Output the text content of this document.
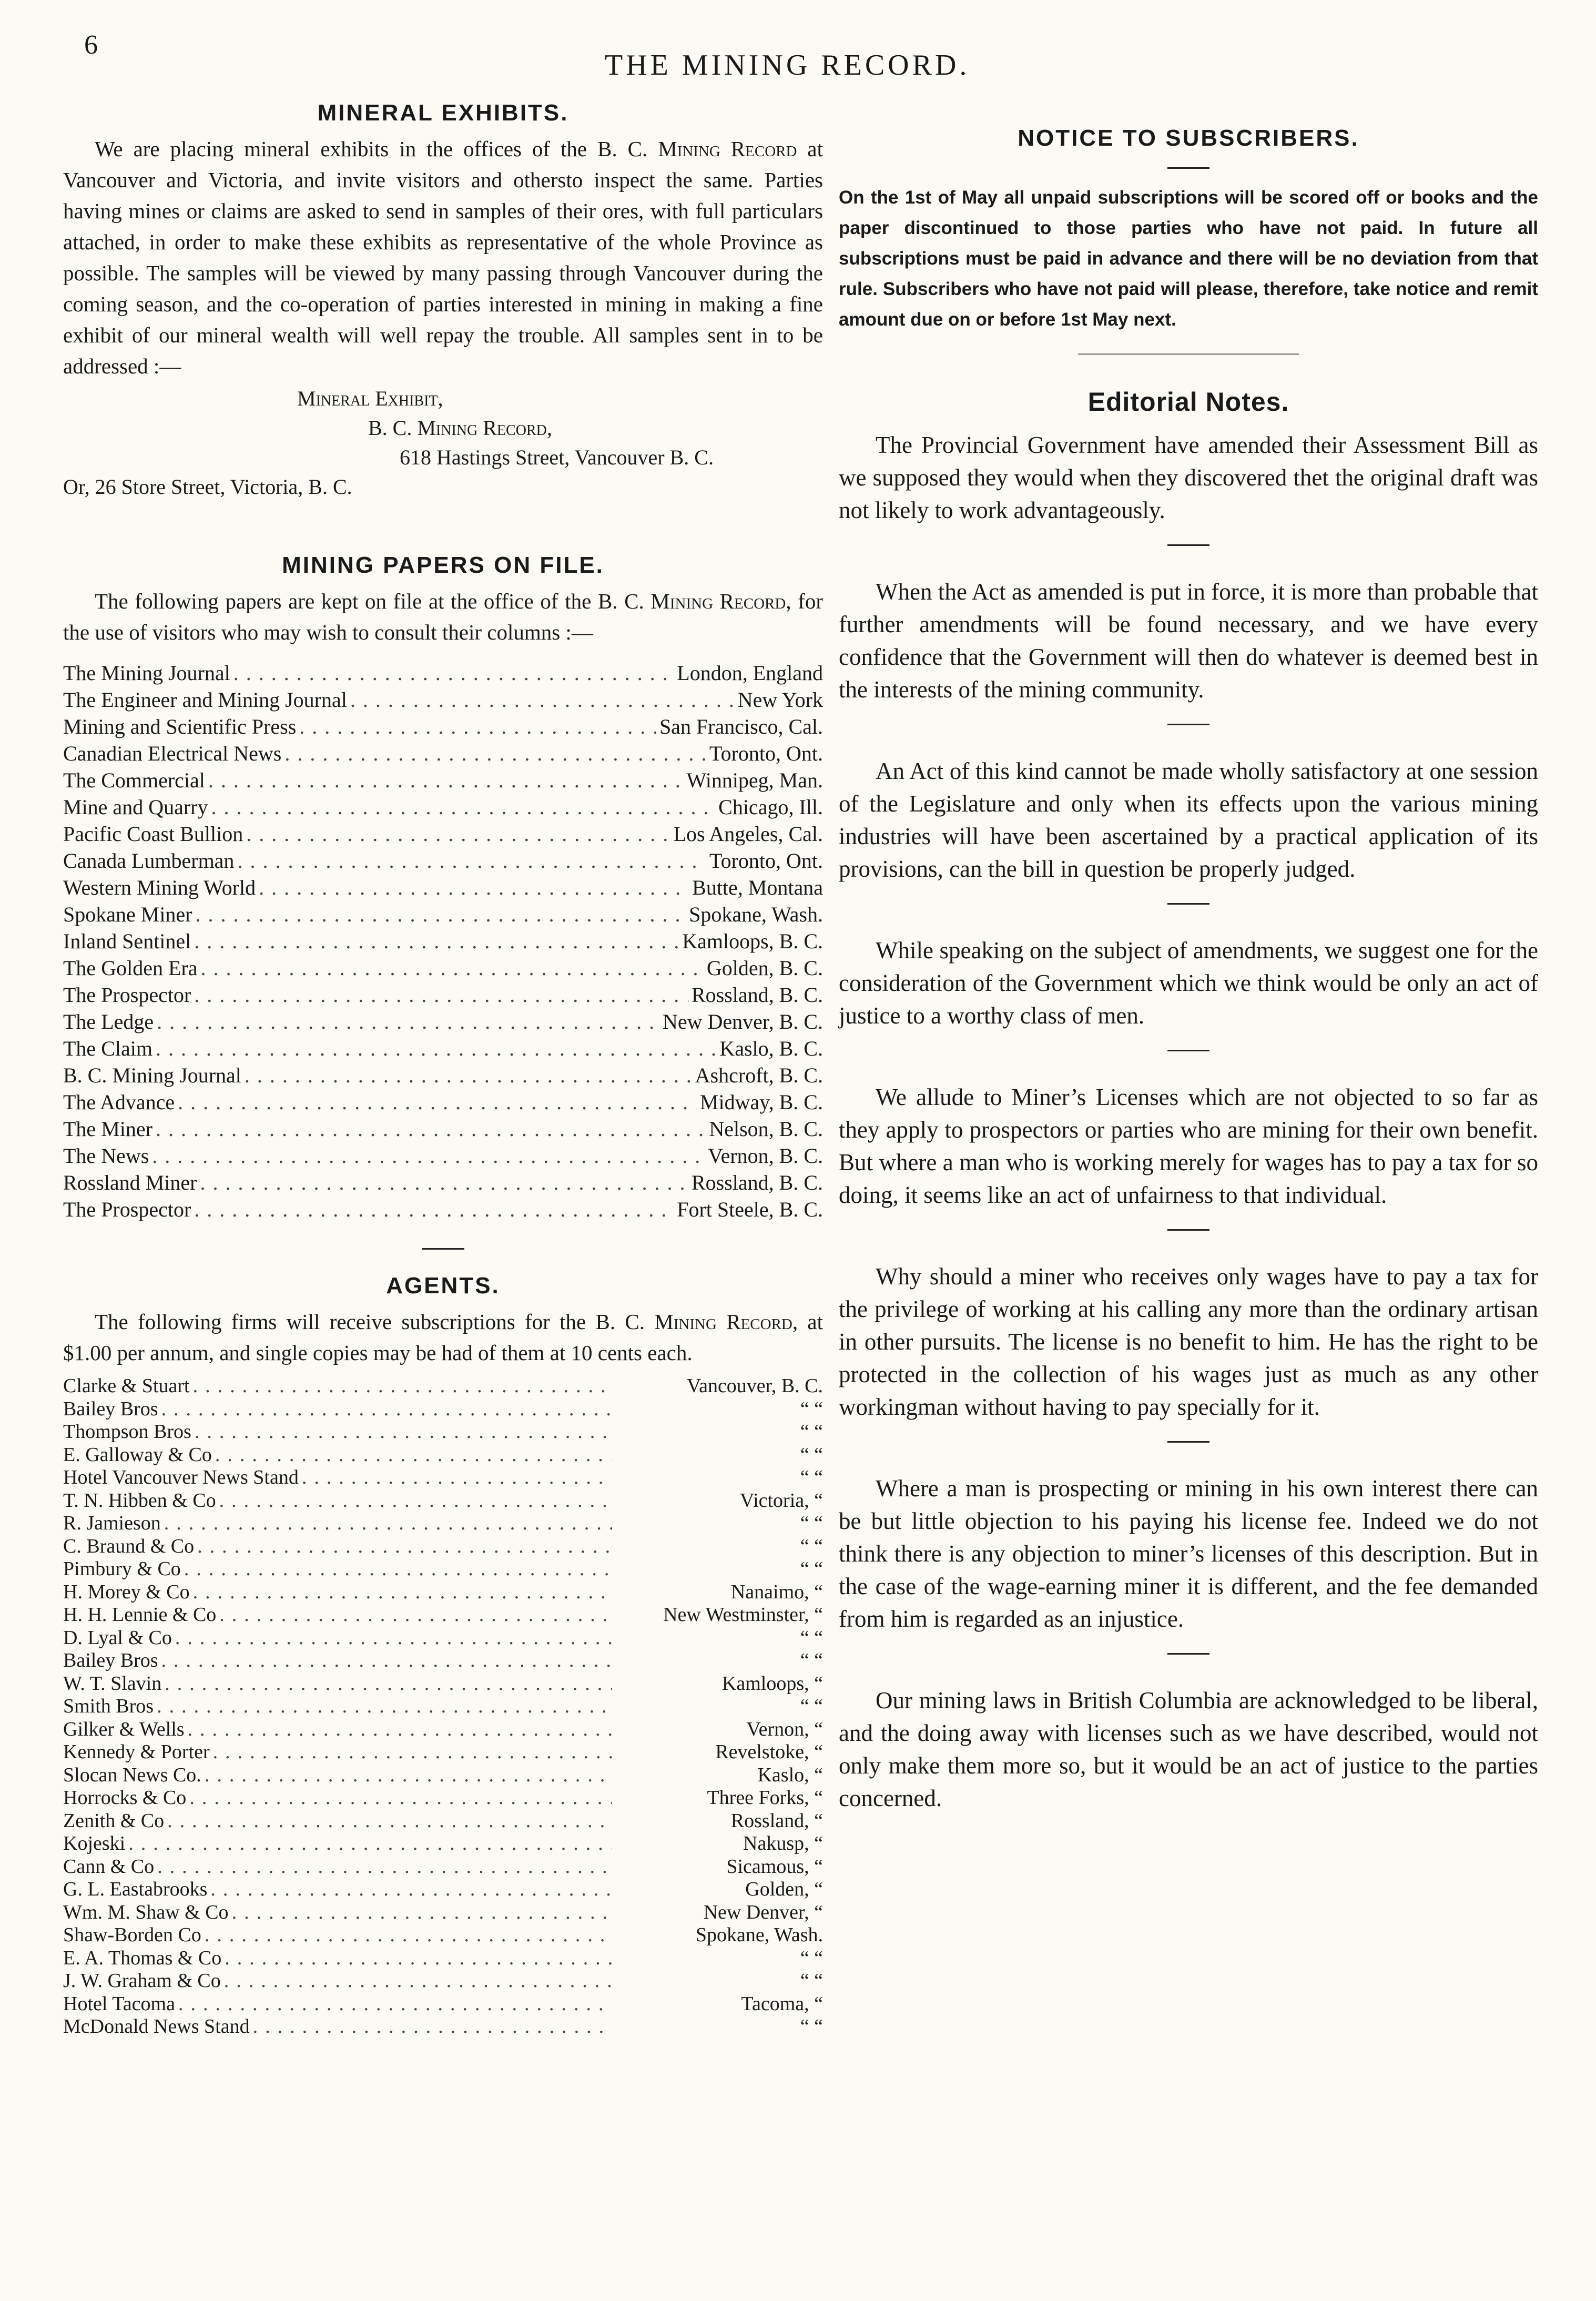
6
THE MINING RECORD.
MINERAL EXHIBITS.

We are placing mineral exhibits in the offices of the B. C. Mining Record at Vancouver and Victoria, and invite visitors and othersto inspect the same. Parties having mines or claims are asked to send in samples of their ores, with full particulars attached, in order to make these exhibits as representative of the whole Province as possible. The samples will be viewed by many passing through Vancouver during the coming season, and the co-operation of parties interested in mining in making a fine exhibit of our mineral wealth will well repay the trouble. All samples sent in to be addressed :—

Mineral Exhibit,
B. C. Mining Record,
618 Hastings Street, Vancouver B. C.
Or, 26 Store Street, Victoria, B. C.
MINING PAPERS ON FILE.

The following papers are kept on file at the office of the B. C. Mining Record, for the use of visitors who may wish to consult their columns :—

The Mining Journal .....	London, England
The Engineer and Mining Journal .....	New York
Mining and Scientific Press .....	San Francisco, Cal.
Canadian Electrical News .....	Toronto, Ont.
The Commercial .....	Winnipeg, Man.
Mine and Quarry .....	Chicago, Ill.
Pacific Coast Bullion .....	Los Angeles, Cal.
Canada Lumberman .....	Toronto, Ont.
Western Mining World .....	Butte, Montana
Spokane Miner .....	Spokane, Wash.
Inland Sentinel .....	Kamloops, B. C.
The Golden Era .....	Golden, B. C.
The Prospector .....	Rossland, B. C.
The Ledge .....	New Denver, B. C.
The Claim .....	Kaslo, B. C.
B. C. Mining Journal .....	Ashcroft, B. C.
The Advance .....	Midway, B. C.
The Miner .....	Nelson, B. C.
The News .....	Vernon, B. C.
Rossland Miner .....	Rossland, B. C.
The Prospector .....	Fort Steele, B. C.
AGENTS.

The following firms will receive subscriptions for the B. C. Mining Record, at $1.00 per annum, and single copies may be had of them at 10 cents each.

Clarke & Stuart .....	Vancouver, B. C.
Bailey Bros .....	“ “
Thompson Bros .....	“ “
E. Galloway & Co .....	“ “
Hotel Vancouver News Stand .....	“ “
T. N. Hibben & Co .....	Victoria, “
R. Jamieson .....	“ “
C. Braund & Co .....	“ “
Pimbury & Co .....	“ “
H. Morey & Co .....	Nanaimo, “
H. H. Lennie & Co .....	New Westminster, “
D. Lyal & Co .....	“ “
Bailey Bros .....	“ “
W. T. Slavin .....	Kamloops, “
Smith Bros .....	“ “
Gilker & Wells .....	Vernon, “
Kennedy & Porter .....	Revelstoke, “
Slocan News Co. .....	Kaslo, “
Horrocks & Co .....	Three Forks, “
Zenith & Co .....	Rossland, “
Kojeski .....	Nakusp, “
Cann & Co .....	Sicamous, “
G. L. Eastabrooks .....	Golden, “
Wm. M. Shaw & Co .....	New Denver, “
Shaw-Borden Co .....	Spokane, Wash.
E. A. Thomas & Co .....	“ “
J. W. Graham & Co .....	“ “
Hotel Tacoma .....	Tacoma, “
McDonald News Stand .....	“ “
NOTICE TO SUBSCRIBERS.

On the 1st of May all unpaid subscriptions will be scored off or books and the paper discontinued to those parties who have not paid. In future all subscriptions must be paid in advance and there will be no deviation from that rule. Subscribers who have not paid will please, therefore, take notice and remit amount due on or before 1st May next.

Editorial Notes.

The Provincial Government have amended their Assessment Bill as we supposed they would when they discovered thet the original draft was not likely to work advantageously.

When the Act as amended is put in force, it is more than probable that further amendments will be found necessary, and we have every confidence that the Government will then do whatever is deemed best in the interests of the mining community.

An Act of this kind cannot be made wholly satisfactory at one session of the Legislature and only when its effects upon the various mining industries will have been ascertained by a practical application of its provisions, can the bill in question be properly judged.

While speaking on the subject of amendments, we suggest one for the consideration of the Government which we think would be only an act of justice to a worthy class of men.

We allude to Miner’s Licenses which are not objected to so far as they apply to prospectors or parties who are mining for their own benefit. But where a man who is working merely for wages has to pay a tax for so doing, it seems like an act of unfairness to that individual.

Why should a miner who receives only wages have to pay a tax for the privilege of working at his calling any more than the ordinary artisan in other pursuits. The license is no benefit to him. He has the right to be protected in the collection of his wages just as much as any other workingman without having to pay specially for it.

Where a man is prospecting or mining in his own interest there can be but little objection to his paying his license fee. Indeed we do not think there is any objection to miner’s licenses of this description. But in the case of the wage-earning miner it is different, and the fee demanded from him is regarded as an injustice.

Our mining laws in British Columbia are acknowledged to be liberal, and the doing away with licenses such as we have described, would not only make them more so, but it would be an act of justice to the parties concerned.
